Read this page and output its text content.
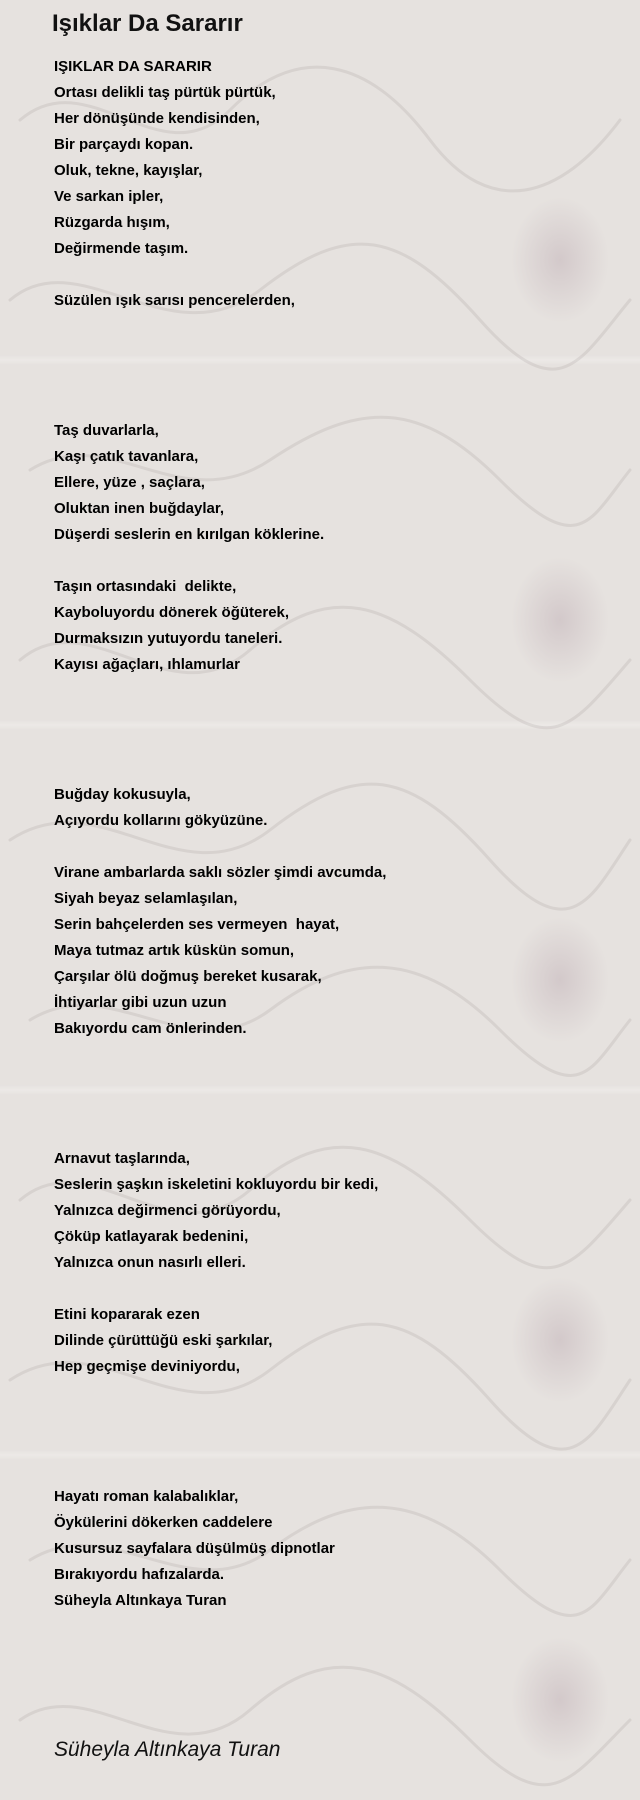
Işıklar Da Sararır
IŞIKLAR DA SARARIR
Ortası delikli taş pürtük pürtük,
Her dönüşünde kendisinden,
Bir parçaydı kopan.
Oluk, tekne, kayışlar,
Ve sarkan ipler,
Rüzgarda hışım,
Değirmende taşım.
Süzülen ışık sarısı pencerelerden,
Taş duvarlarla,
Kaşı çatık tavanlara,
Ellere, yüze , saçlara,
Oluktan inen buğdaylar,
Düşerdi seslerin en kırılgan köklerine.
Taşın ortasındaki  delikte,
Kayboluyordu dönerek öğüterek,
Durmaksızın yutuyordu taneleri.
Kayısı ağaçları, ıhlamurlar
Buğday kokusuyla,
Açıyordu kollarını gökyüzüne.
Virane ambarlarda saklı sözler şimdi avcumda,
Siyah beyaz selamlaşılan,
Serin bahçelerden ses vermeyen  hayat,
Maya tutmaz artık küskün somun,
Çarşılar ölü doğmuş bereket kusarak,
İhtiyarlar gibi uzun uzun
Bakıyordu cam önlerinden.
Arnavut taşlarında,
Seslerin şaşkın iskeletini kokluyordu bir kedi,
Yalnızca değirmenci görüyordu,
Çöküp katlayarak bedenini,
Yalnızca onun nasırlı elleri.
Etini kopararak ezen
Dilinde çürüttüğü eski şarkılar,
Hep geçmişe deviniyordu,
Hayatı roman kalabalıklar,
Öykülerini dökerken caddelere
Kusursuz sayfalara düşülmüş dipnotlar
Bırakıyordu hafızalarda.
Süheyla Altınkaya Turan
Süheyla Altınkaya Turan
